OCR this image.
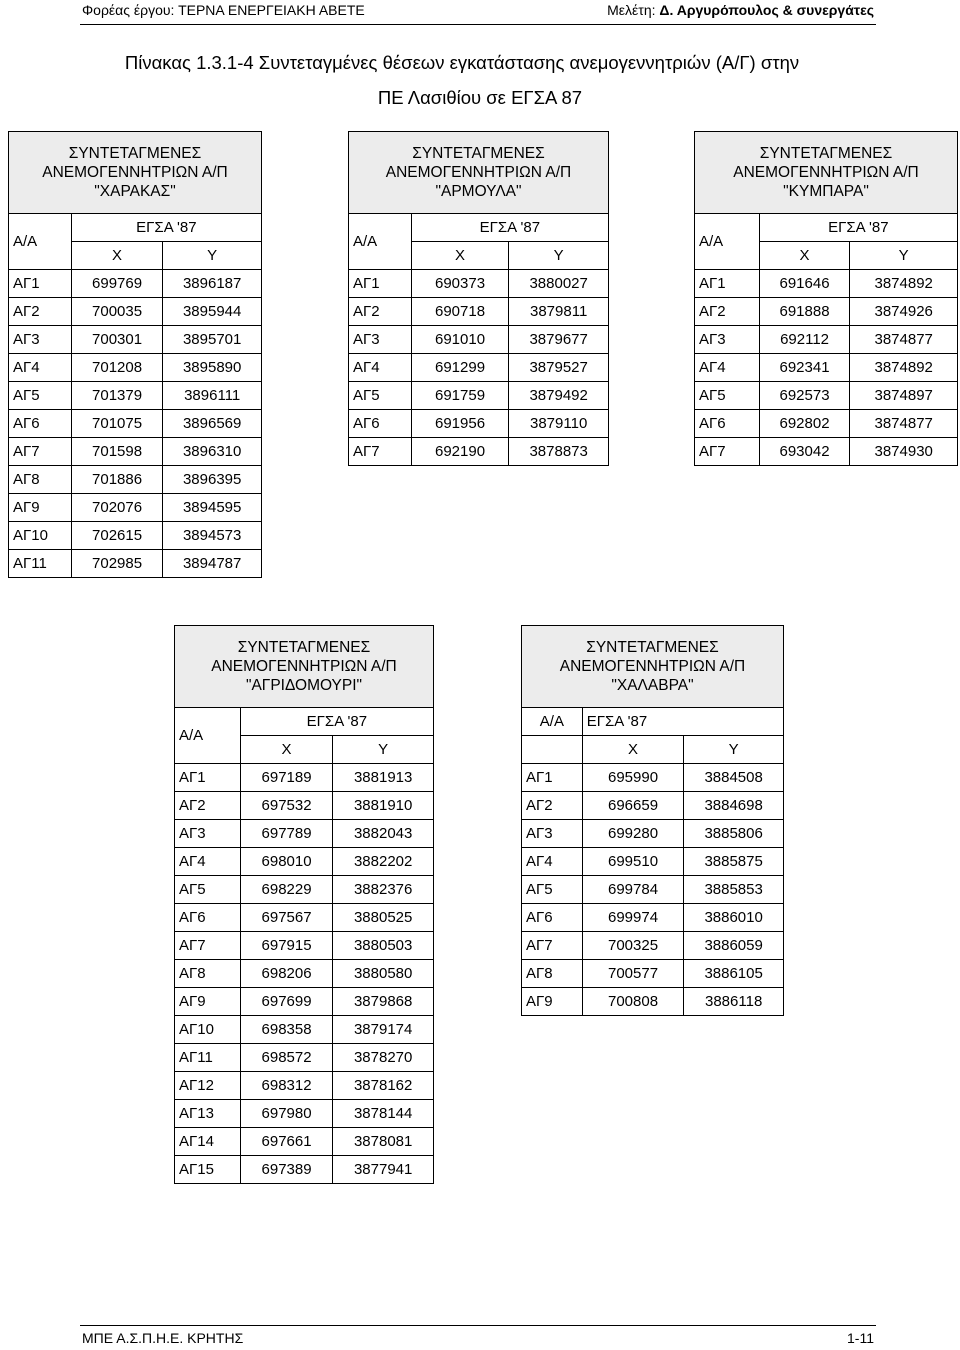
Φορέας έργου: ΤΕΡΝΑ ΕΝΕΡΓΕΙΑΚΗ ΑΒΕΤΕ	Μελέτη: Δ. Αργυρόπουλος & συνεργάτες
Πίνακας 1.3.1-4 Συντεταγμένες θέσεων εγκατάστασης ανεμογεννητριών (Α/Γ) στην
ΠΕ Λασιθίου σε ΕΓΣΑ 87
ΣΥΝΤΕΤΑΓΜΕΝΕΣ
ΑΝΕΜΟΓΕΝΝΗΤΡΙΩΝ Α/Π
"ΧΑΡΑΚΑΣ"		

Α/Α	ΕΓΣΑ '87	
	Χ	Υ
ΑΓ1	699769	3896187
ΑΓ2	700035	3895944
ΑΓ3	700301	3895701
ΑΓ4	701208	3895890
ΑΓ5	701379	3896111
ΑΓ6	701075	3896569
ΑΓ7	701598	3896310
ΑΓ8	701886	3896395
ΑΓ9	702076	3894595
ΑΓ10	702615	3894573
ΑΓ11	702985	3894787
ΣΥΝΤΕΤΑΓΜΕΝΕΣ
ΑΝΕΜΟΓΕΝΝΗΤΡΙΩΝ Α/Π
"ΑΡΜΟΥΛΑ"		

Α/Α	ΕΓΣΑ '87	
	Χ	Υ
ΑΓ1	690373	3880027
ΑΓ2	690718	3879811
ΑΓ3	691010	3879677
ΑΓ4	691299	3879527
ΑΓ5	691759	3879492
ΑΓ6	691956	3879110
ΑΓ7	692190	3878873
ΣΥΝΤΕΤΑΓΜΕΝΕΣ
ΑΝΕΜΟΓΕΝΝΗΤΡΙΩΝ Α/Π
"ΚΥΜΠΑΡΑ"		

Α/Α	ΕΓΣΑ '87	
	Χ	Υ
ΑΓ1	691646	3874892
ΑΓ2	691888	3874926
ΑΓ3	692112	3874877
ΑΓ4	692341	3874892
ΑΓ5	692573	3874897
ΑΓ6	692802	3874877
ΑΓ7	693042	3874930
ΣΥΝΤΕΤΑΓΜΕΝΕΣ
ΑΝΕΜΟΓΕΝΝΗΤΡΙΩΝ Α/Π
"ΑΓΡΙΔΟΜΟΥΡΙ"		

Α/Α	ΕΓΣΑ '87	
	Χ	Υ
ΑΓ1	697189	3881913
ΑΓ2	697532	3881910
ΑΓ3	697789	3882043
ΑΓ4	698010	3882202
ΑΓ5	698229	3882376
ΑΓ6	697567	3880525
ΑΓ7	697915	3880503
ΑΓ8	698206	3880580
ΑΓ9	697699	3879868
ΑΓ10	698358	3879174
ΑΓ11	698572	3878270
ΑΓ12	698312	3878162
ΑΓ13	697980	3878144
ΑΓ14	697661	3878081
ΑΓ15	697389	3877941
ΣΥΝΤΕΤΑΓΜΕΝΕΣ
ΑΝΕΜΟΓΕΝΝΗΤΡΙΩΝ Α/Π
"ΧΑΛΑΒΡΑ"		

Α/Α	ΕΓΣΑ '87	
	Χ	Υ
ΑΓ1	695990	3884508
ΑΓ2	696659	3884698
ΑΓ3	699280	3885806
ΑΓ4	699510	3885875
ΑΓ5	699784	3885853
ΑΓ6	699974	3886010
ΑΓ7	700325	3886059
ΑΓ8	700577	3886105
ΑΓ9	700808	3886118
ΜΠΕ Α.Σ.Π.Η.Ε. ΚΡΗΤΗΣ	1-11
